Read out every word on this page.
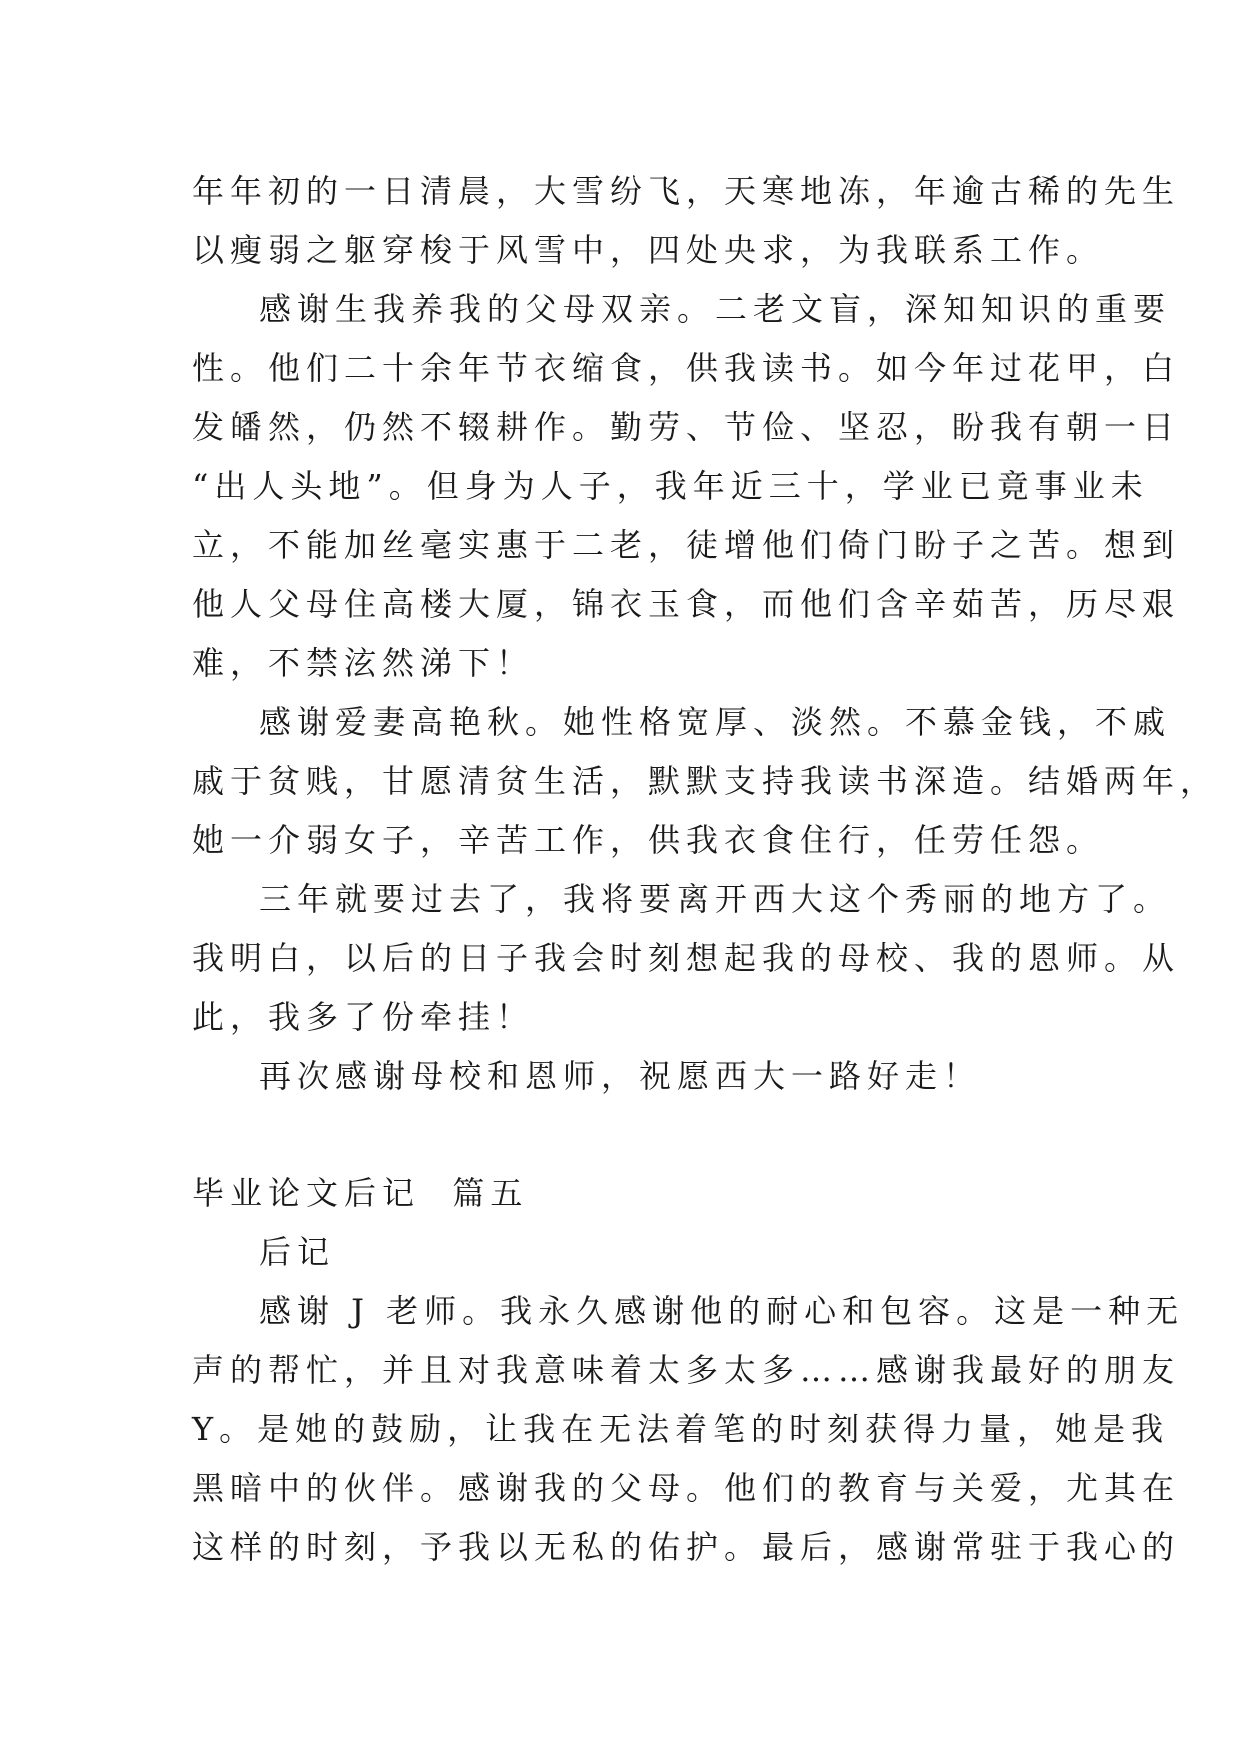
年年初的一日清晨，大雪纷飞，天寒地冻，年逾古稀的先生
以瘦弱之躯穿梭于风雪中，四处央求，为我联系工作。
感谢生我养我的父母双亲。二老文盲，深知知识的重要
性。他们二十余年节衣缩食，供我读书。如今年过花甲，白
发皤然，仍然不辍耕作。勤劳、节俭、坚忍，盼我有朝一日
“出人头地”。但身为人子，我年近三十，学业已竟事业未
立，不能加丝毫实惠于二老，徒增他们倚门盼子之苦。想到
他人父母住高楼大厦，锦衣玉食，而他们含辛茹苦，历尽艰
难，不禁泫然涕下！
感谢爱妻高艳秋。她性格宽厚、淡然。不慕金钱，不戚
戚于贫贱，甘愿清贫生活，默默支持我读书深造。结婚两年，
她一介弱女子，辛苦工作，供我衣食住行，任劳任怨。
三年就要过去了，我将要离开西大这个秀丽的地方了。
我明白，以后的日子我会时刻想起我的母校、我的恩师。从
此，我多了份牵挂！
再次感谢母校和恩师，祝愿西大一路好走！
毕业论文后记  篇五
后记
感谢 J 老师。我永久感谢他的耐心和包容。这是一种无
声的帮忙，并且对我意味着太多太多……感谢我最好的朋友
Y。是她的鼓励，让我在无法着笔的时刻获得力量，她是我
黑暗中的伙伴。感谢我的父母。他们的教育与关爱，尤其在
这样的时刻，予我以无私的佑护。最后，感谢常驻于我心的
